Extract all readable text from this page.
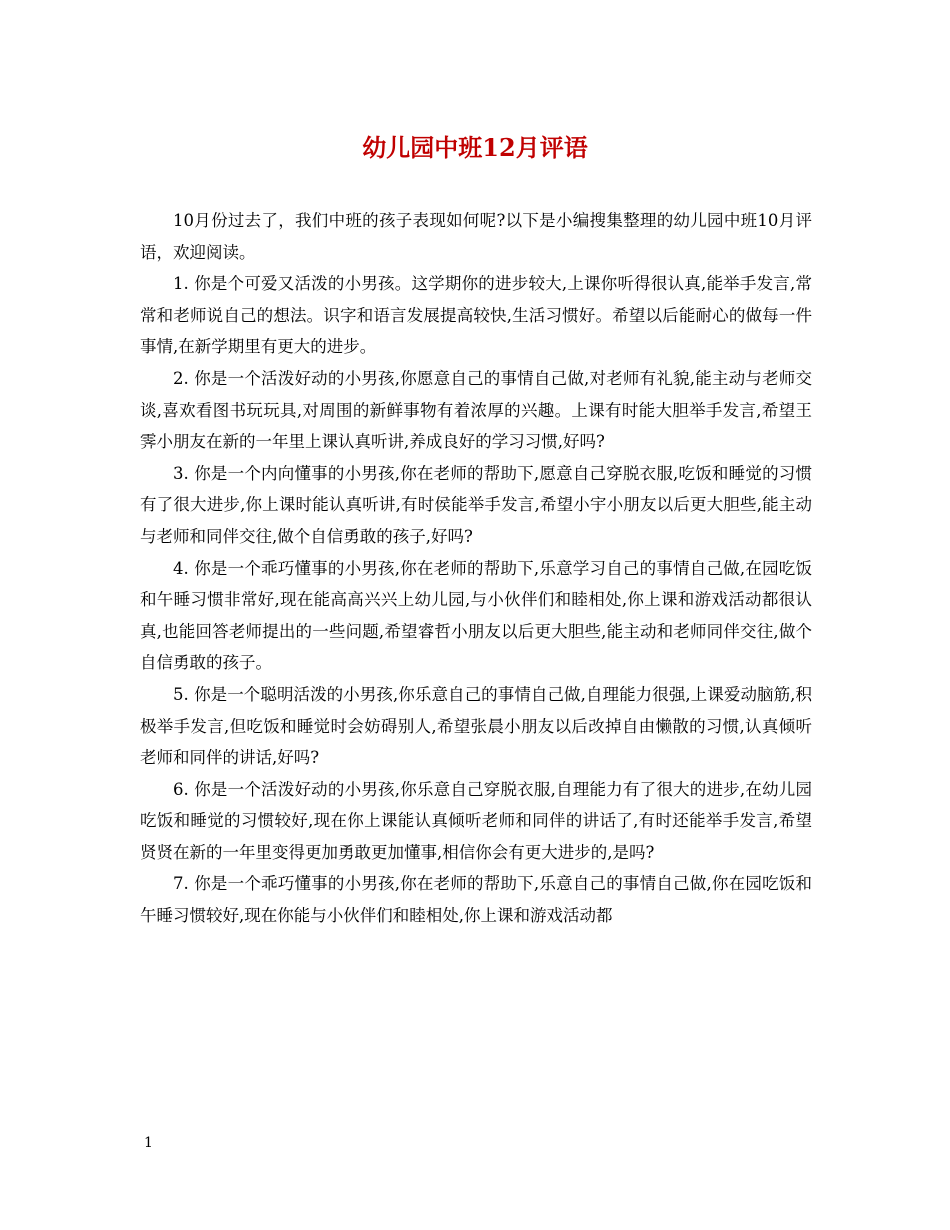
幼儿园中班12月评语

10月份过去了，我们中班的孩子表现如何呢?以下是小编搜集整理的幼儿园中班10月评语，欢迎阅读。

1. 你是个可爱又活泼的小男孩。这学期你的进步较大,上课你听得很认真,能举手发言,常常和老师说自己的想法。识字和语言发展提高较快,生活习惯好。希望以后能耐心的做每一件事情,在新学期里有更大的进步。

2. 你是一个活泼好动的小男孩,你愿意自己的事情自己做,对老师有礼貌,能主动与老师交谈,喜欢看图书玩玩具,对周围的新鲜事物有着浓厚的兴趣。上课有时能大胆举手发言,希望王霁小朋友在新的一年里上课认真听讲,养成良好的学习习惯,好吗?

3. 你是一个内向懂事的小男孩,你在老师的帮助下,愿意自己穿脱衣服,吃饭和睡觉的习惯有了很大进步,你上课时能认真听讲,有时侯能举手发言,希望小宇小朋友以后更大胆些,能主动与老师和同伴交往,做个自信勇敢的孩子,好吗?

4. 你是一个乖巧懂事的小男孩,你在老师的帮助下,乐意学习自己的事情自己做,在园吃饭和午睡习惯非常好,现在能高高兴兴上幼儿园,与小伙伴们和睦相处,你上课和游戏活动都很认真,也能回答老师提出的一些问题,希望睿哲小朋友以后更大胆些,能主动和老师同伴交往,做个自信勇敢的孩子。

5. 你是一个聪明活泼的小男孩,你乐意自己的事情自己做,自理能力很强,上课爱动脑筋,积极举手发言,但吃饭和睡觉时会妨碍别人,希望张晨小朋友以后改掉自由懒散的习惯,认真倾听老师和同伴的讲话,好吗?

6. 你是一个活泼好动的小男孩,你乐意自己穿脱衣服,自理能力有了很大的进步,在幼儿园吃饭和睡觉的习惯较好,现在你上课能认真倾听老师和同伴的讲话了,有时还能举手发言,希望贤贤在新的一年里变得更加勇敢更加懂事,相信你会有更大进步的,是吗?

7. 你是一个乖巧懂事的小男孩,你在老师的帮助下,乐意自己的事情自己做,你在园吃饭和午睡习惯较好,现在你能与小伙伴们和睦相处,你上课和游戏活动都

1
